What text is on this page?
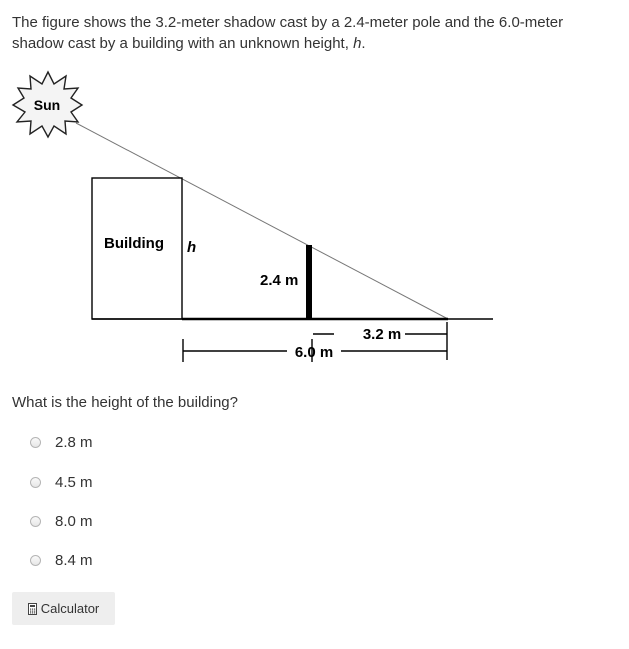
The figure shows the 3.2-meter shadow cast by a 2.4-meter pole and the 6.0-meter shadow cast by a building with an unknown height, h.
Sun
Building h
2.4 m
6.0 m
3.2 m
What is the height of the building?
2.8 m
4.5 m
8.0 m
8.4 m
Calculator
